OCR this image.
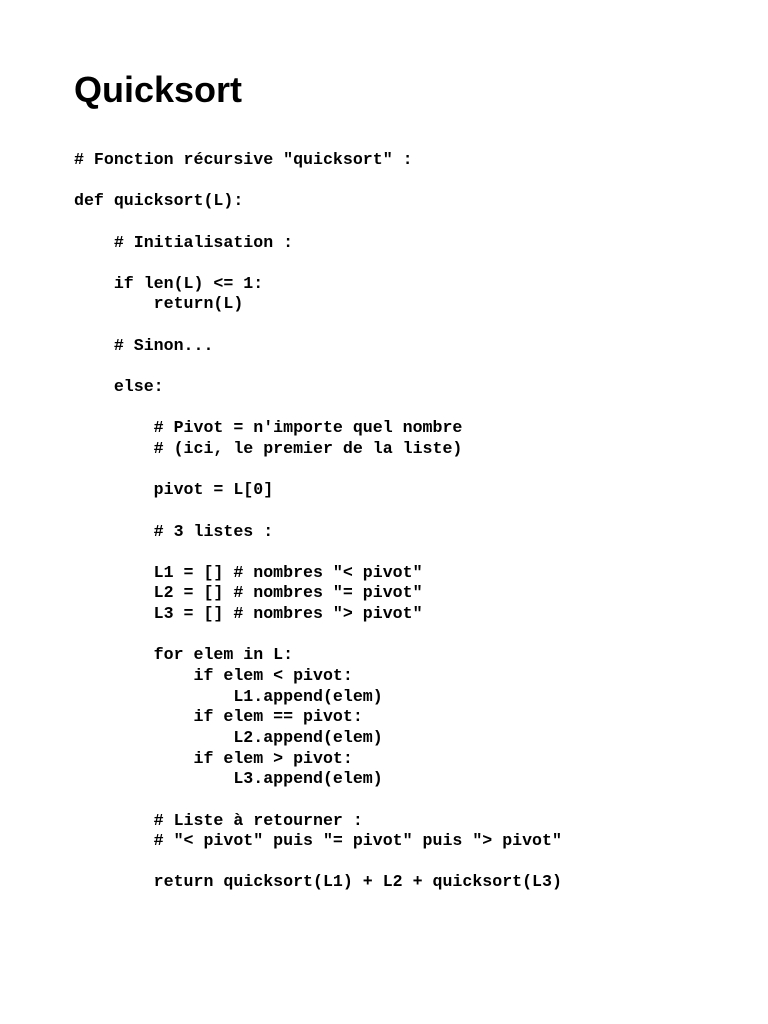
Quicksort
# Fonction récursive "quicksort" :
def quicksort(L):
# Initialisation :
if len(L) <= 1:
return(L)
# Sinon...
else:
# Pivot = n'importe quel nombre
# (ici, le premier de la liste)
pivot = L[0]
# 3 listes :
L1 = [] # nombres "< pivot"
L2 = [] # nombres "= pivot"
L3 = [] # nombres "> pivot"
for elem in L:
if elem < pivot:
L1.append(elem)
if elem == pivot:
L2.append(elem)
if elem > pivot:
L3.append(elem)
# Liste à retourner :
# "< pivot" puis "= pivot" puis "> pivot"
return quicksort(L1) + L2 + quicksort(L3)
